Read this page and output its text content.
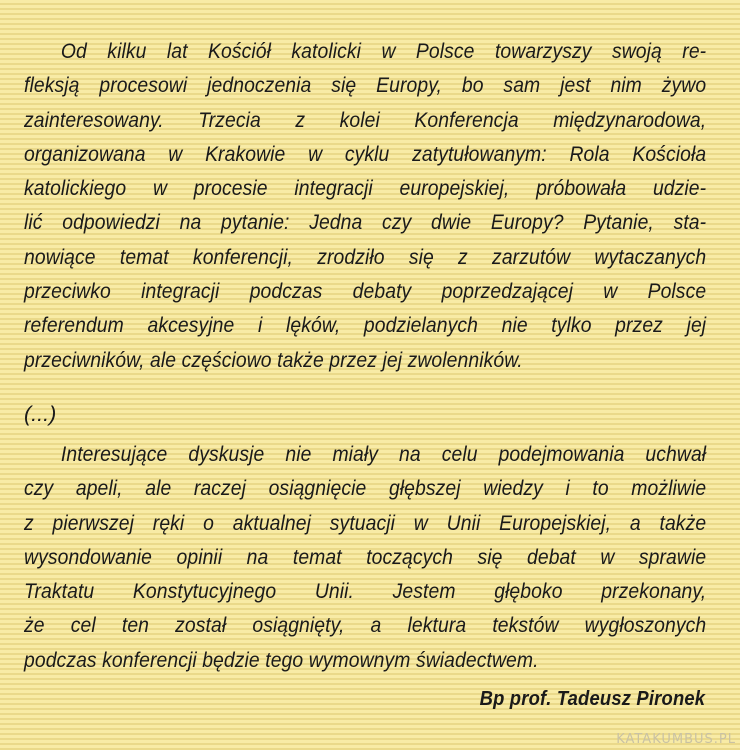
Od kilku lat Kościół katolicki w Polsce towarzyszy swoją re-
fleksją procesowi jednoczenia się Europy, bo sam jest nim żywo
zainteresowany. Trzecia z kolei Konferencja międzynarodowa,
organizowana w Krakowie w cyklu zatytułowanym: Rola Kościoła
katolickiego w procesie integracji europejskiej, próbowała udzie-
lić odpowiedzi na pytanie: Jedna czy dwie Europy? Pytanie, sta-
nowiące temat konferencji, zrodziło się z zarzutów wytaczanych
przeciwko integracji podczas debaty poprzedzającej w Polsce
referendum akcesyjne i lęków, podzielanych nie tylko przez jej
przeciwników, ale częściowo także przez jej zwolenników.
(...)
Interesujące dyskusje nie miały na celu podejmowania uchwał
czy apeli, ale raczej osiągnięcie głębszej wiedzy i to możliwie
z pierwszej ręki o aktualnej sytuacji w Unii Europejskiej, a także
wysondowanie opinii na temat toczących się debat w sprawie
Traktatu Konstytucyjnego Unii. Jestem głęboko przekonany,
że cel ten został osiągnięty, a lektura tekstów wygłoszonych
podczas konferencji będzie tego wymownym świadectwem.
Bp prof. Tadeusz Pironek
KATAKUMBUS.PL
